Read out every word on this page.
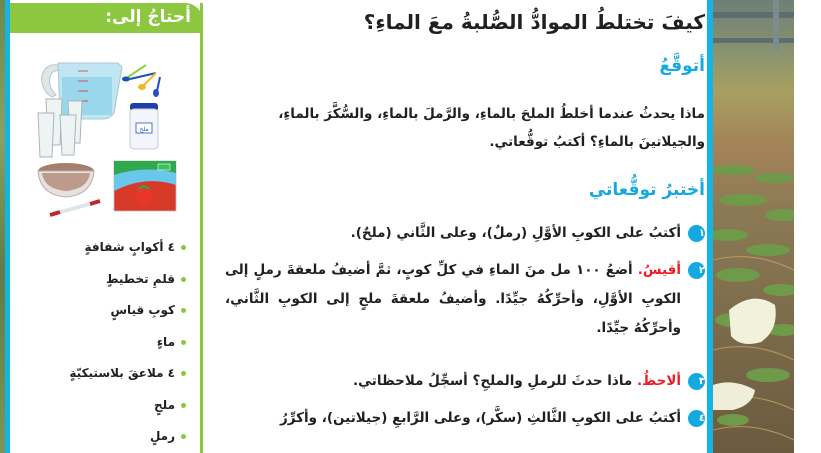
أحتاجُ إلى:
ملح
٤ أكوابٍ شفافةٍ
قلمِ تخطيطٍ
كوبِ قياسٍ
ماءٍ
٤ ملاعقَ بلاستيكيّةٍ
ملحٍ
رملٍ
كيفَ تختلطُ الموادُّ الصُّلبةُ معَ الماءِ؟
أتوقَّعُ

ماذا يحدثُ عندما أخلطُ الملحَ بالماءِ، والرَّملَ بالماءِ، والسُّكَّرَ بالماءِ، والجيلاتينَ بالماءِ؟ أكتبُ توقُّعاتي.

أختبرُ توقُّعاتي
١
أكتبُ على الكوبِ الأوَّلِ (رملٌ)، وعلى الثَّاني (ملحٌ).
٢
أقيسُ. أضعُ ١٠٠ مل منَ الماءِ في كلِّ كوبٍ، ثمَّ أضيفُ ملعقةَ رملٍ إلى الكوبِ الأوَّلِ، وأحرِّكُهُ جيِّدًا. وأضيفُ ملعقةَ ملحٍ إلى الكوبِ الثَّاني، وأحرِّكُهُ جيِّدًا.
٣
ألاحظُ. ماذا حدثَ للرملِ والملحِ؟ أسجِّلُ ملاحظاتي.
٤
أكتبُ على الكوبِ الثَّالثِ (سكَّر)، وعلى الرَّابعِ (جيلاتين)، وأكرِّرُ
